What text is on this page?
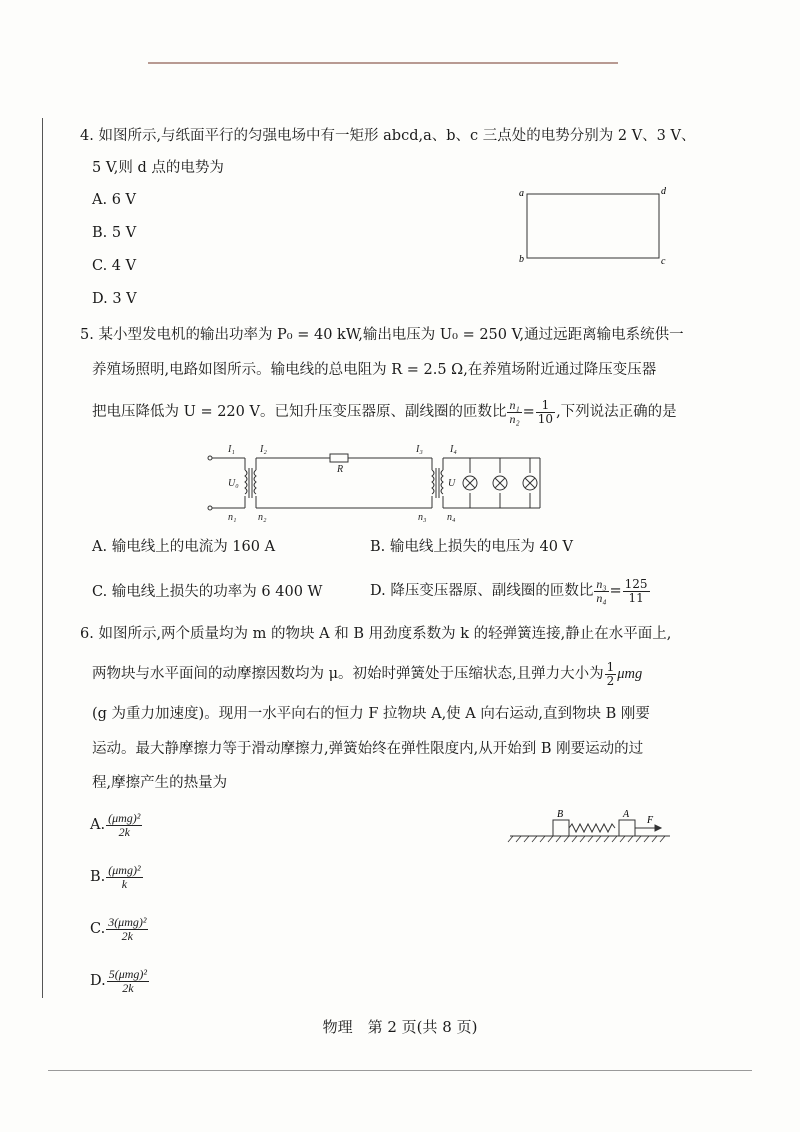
4. 如图所示,与纸面平行的匀强电场中有一矩形 abcd,a、b、c 三点处的电势分别为 2 V、3 V、
5 V,则 d 点的电势为
A. 6 V
B. 5 V
C. 4 V
D. 3 V
a	d
b	c
5. 某小型发电机的输出功率为 P₀ = 40 kW,输出电压为 U₀ = 250 V,通过远距离输电系统供一
养殖场照明,电路如图所示。输电线的总电阻为 R = 2.5 Ω,在养殖场附近通过降压变压器
把电压降低为 U = 220 V。已知升压变压器原、副线圈的匝数比 $\frac{\text{n₁}}{\text{n₂}} = \frac{1}{10}$ ,下列说法正确的是
I₁	I₂
R
I₃	I₄
U₀	U
n₁ n₂	n₃ n₄
A. 输电线上的电流为 160 A	B. 输电线上损失的电压为 40 V
C. 输电线上损失的功率为 6 400 W	D. 降压变压器原、副线圈的匝数比 $\frac{\text{n₃}}{\text{n₄}} = \frac{125}{11}$
6. 如图所示,两个质量均为 m 的物块 A 和 B 用劲度系数为 k 的轻弹簧连接,静止在水平面上,
两物块与水平面间的动摩擦因数均为 μ。初始时弹簧处于压缩状态,且弹力大小为 $\frac{1}{2}$ μmg
(g 为重力加速度)。现用一水平向右的恒力 F 拉物块 A,使 A 向右运动,直到物块 B 刚要
运动。最大静摩擦力等于滑动摩擦力,弹簧始终在弹性限度内,从开始到 B 刚要运动的过
程,摩擦产生的热量为
A. $\frac{\text{(μmg)²}}{2k}$
B. $\frac{\text{(μmg)²}}{k}$
C. $\frac{\text{3(μmg)²}}{2k}$
D. $\frac{\text{5(μmg)²}}{2k}$
B	A
F
物理　第 2 页(共 8 页)
